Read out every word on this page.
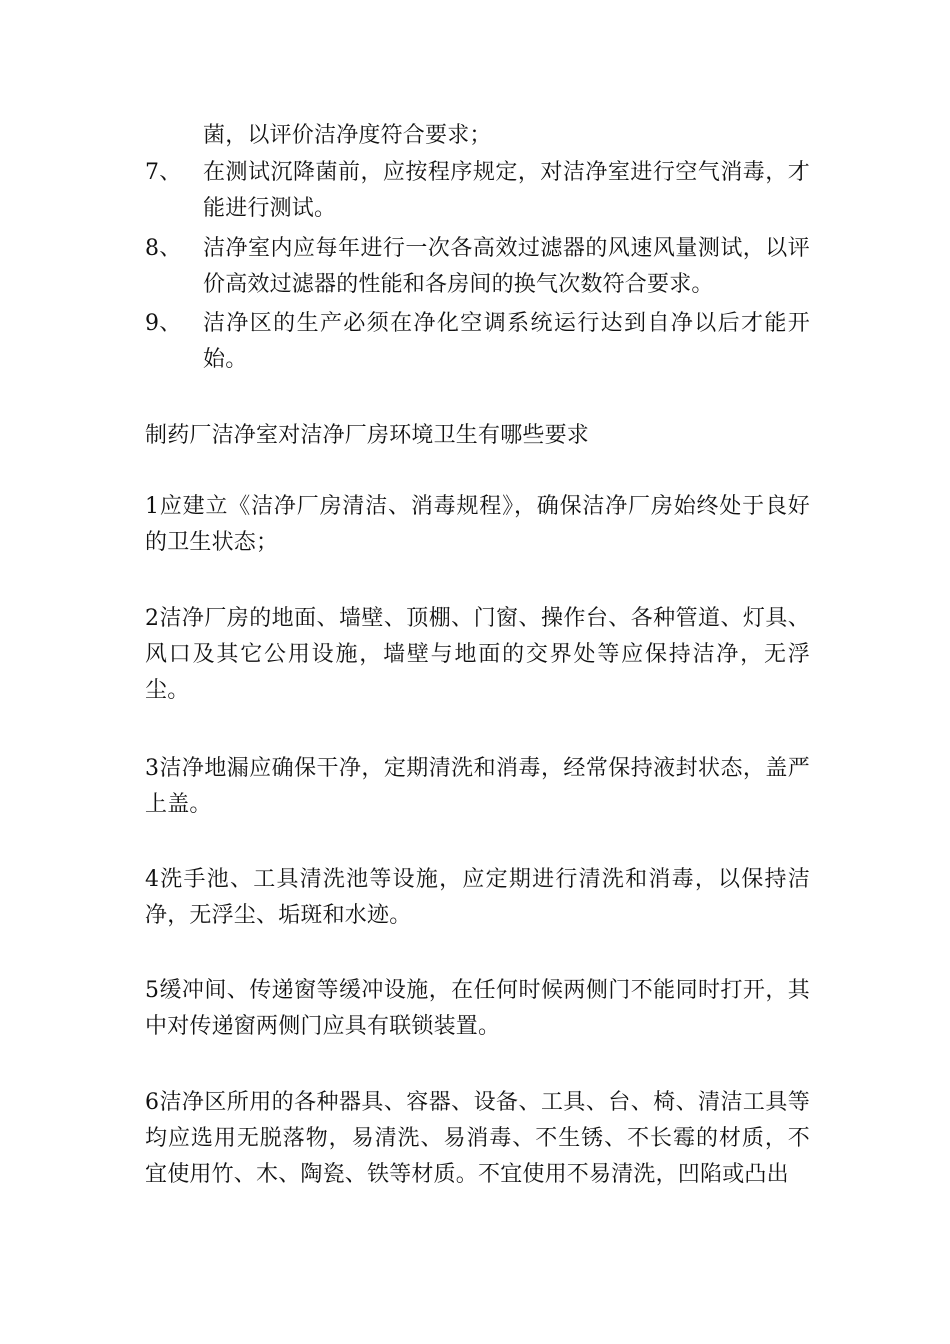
菌，以评价洁净度符合要求；
7、 在测试沉降菌前，应按程序规定，对洁净室进行空气消毒，才能进行测试。
8、 洁净室内应每年进行一次各高效过滤器的风速风量测试，以评价高效过滤器的性能和各房间的换气次数符合要求。
9、 洁净区的生产必须在净化空调系统运行达到自净以后才能开始。
制药厂洁净室对洁净厂房环境卫生有哪些要求
1应建立《洁净厂房清洁、消毒规程》，确保洁净厂房始终处于良好的卫生状态；
2洁净厂房的地面、墙壁、顶棚、门窗、操作台、各种管道、灯具、风口及其它公用设施，墙壁与地面的交界处等应保持洁净，无浮尘。
3洁净地漏应确保干净，定期清洗和消毒，经常保持液封状态，盖严上盖。
4洗手池、工具清洗池等设施，应定期进行清洗和消毒，以保持洁净，无浮尘、垢斑和水迹。
5缓冲间、传递窗等缓冲设施，在任何时候两侧门不能同时打开，其中对传递窗两侧门应具有联锁装置。
6洁净区所用的各种器具、容器、设备、工具、台、椅、清洁工具等均应选用无脱落物，易清洗、易消毒、不生锈、不长霉的材质，不宜使用竹、木、陶瓷、铁等材质。不宜使用不易清洗，凹陷或凸出
